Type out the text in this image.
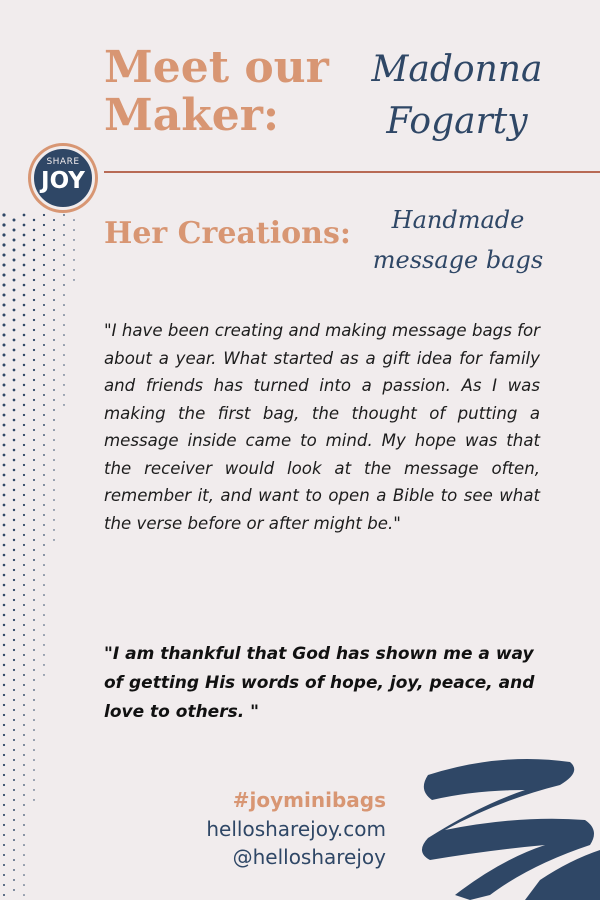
Meet our Maker:
Madonna Fogarty
SHARE
JOY
Her Creations:	Handmade message bags
"I have been creating and making message bags for about a year. What started as a gift idea for family and friends has turned into a passion. As I was making the first bag, the thought of putting a message inside came to mind. My hope was that the receiver would look at the message often, remember it, and want to open a Bible to see what the verse before or after might be."
"I am thankful that God has shown me a way of getting His words of hope, joy, peace, and love to others. "
#joyminibags
hellosharejoy.com
@hellosharejoy
